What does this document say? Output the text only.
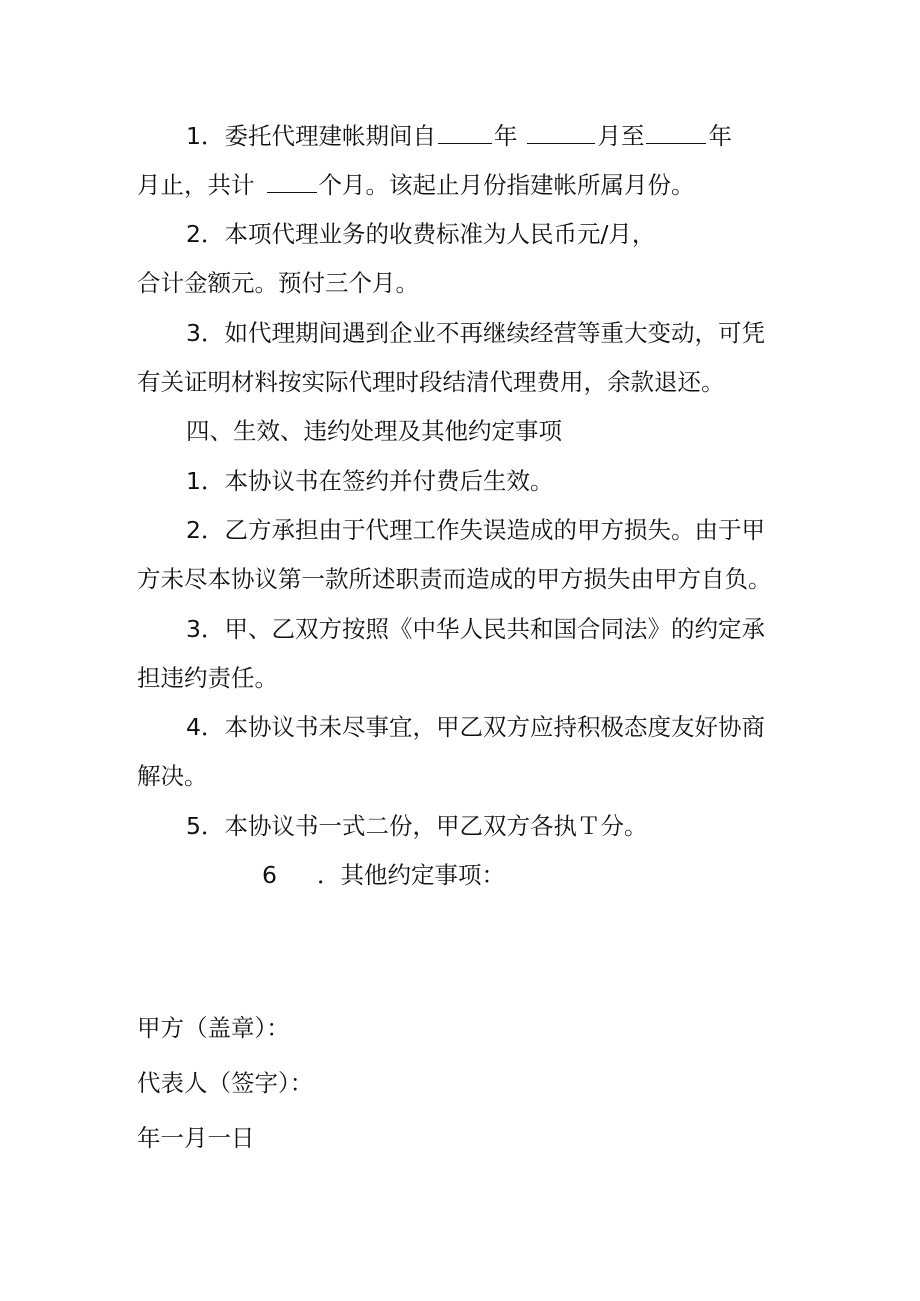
1．委托代理建帐期间自 年	月至	年
月止，共计	个月。该起止月份指建帐所属月份。
2．本项代理业务的收费标准为人民币元/月，
合计金额元。预付三个月。
3．如代理期间遇到企业不再继续经营等重大变动，可凭
有关证明材料按实际代理时段结清代理费用，余款退还。
四、生效、违约处理及其他约定事项
1．本协议书在签约并付费后生效。
2．乙方承担由于代理工作失误造成的甲方损失。由于甲
方未尽本协议第一款所述职责而造成的甲方损失由甲方自负。
3．甲、乙双方按照《中华人民共和国合同法》的约定承
担违约责任。
4．本协议书未尽事宜，甲乙双方应持积极态度友好协商
解决。
5．本协议书一式二份，甲乙双方各执Ｔ分。
6 ．其他约定事项：
甲方（盖章）：
代表人（签字）：
年一月一日
